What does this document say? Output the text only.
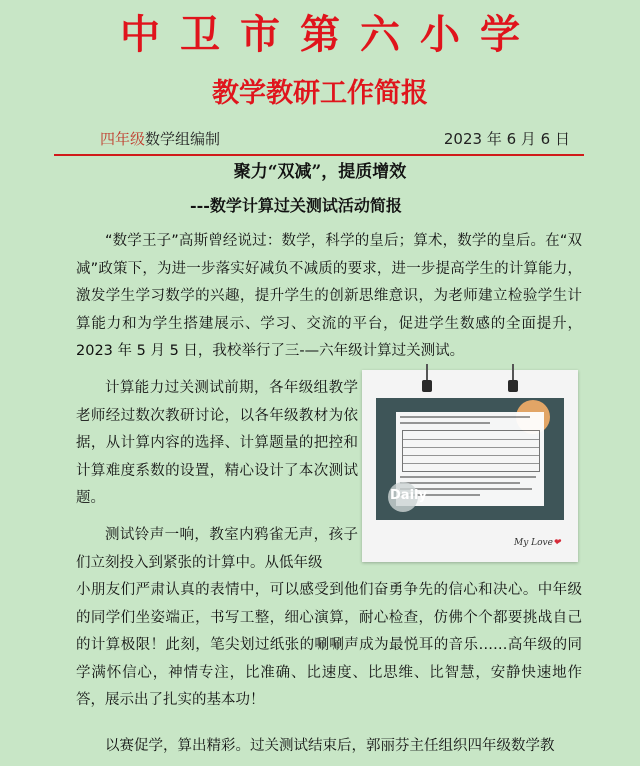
中卫市第六小学
教学教研工作简报
四年级数学组编制	2023 年 6 月 6 日
聚力“双减”，提质增效
---数学计算过关测试活动简报

“数学王子”高斯曾经说过：数学，科学的皇后；算术，数学的皇后。在“双减”政策下，为进一步落实好减负不减质的要求，进一步提高学生的计算能力，激发学生学习数学的兴趣，提升学生的创新思维意识，为老师建立检验学生计算能力和为学生搭建展示、学习、交流的平台，促进学生数感的全面提升，2023 年 5 月 5 日，我校举行了三-—六年级计算过关测试。

计算能力过关测试前期，各年级组教学老师经过数次教研讨论，以各年级教材为依据，从计算内容的选择、计算题量的把控和计算难度系数的设置，精心设计了本次测试题。

测试铃声一响，教室内鸦雀无声，孩子们立刻投入到紧张的计算中。从低年级

小朋友们严肃认真的表情中，可以感受到他们奋勇争先的信心和决心。中年级的同学们坐姿端正，书写工整，细心演算，耐心检查，仿佛个个都要挑战自己的计算极限！此刻，笔尖划过纸张的唰唰声成为最悦耳的音乐……高年级的同学满怀信心，神情专注，比准确、比速度、比思维、比智慧，安静快速地作答，展示出了扎实的基本功！

以赛促学，算出精彩。过关测试结束后，郭丽芬主任组织四年级数学教

Daily
My Love❤
